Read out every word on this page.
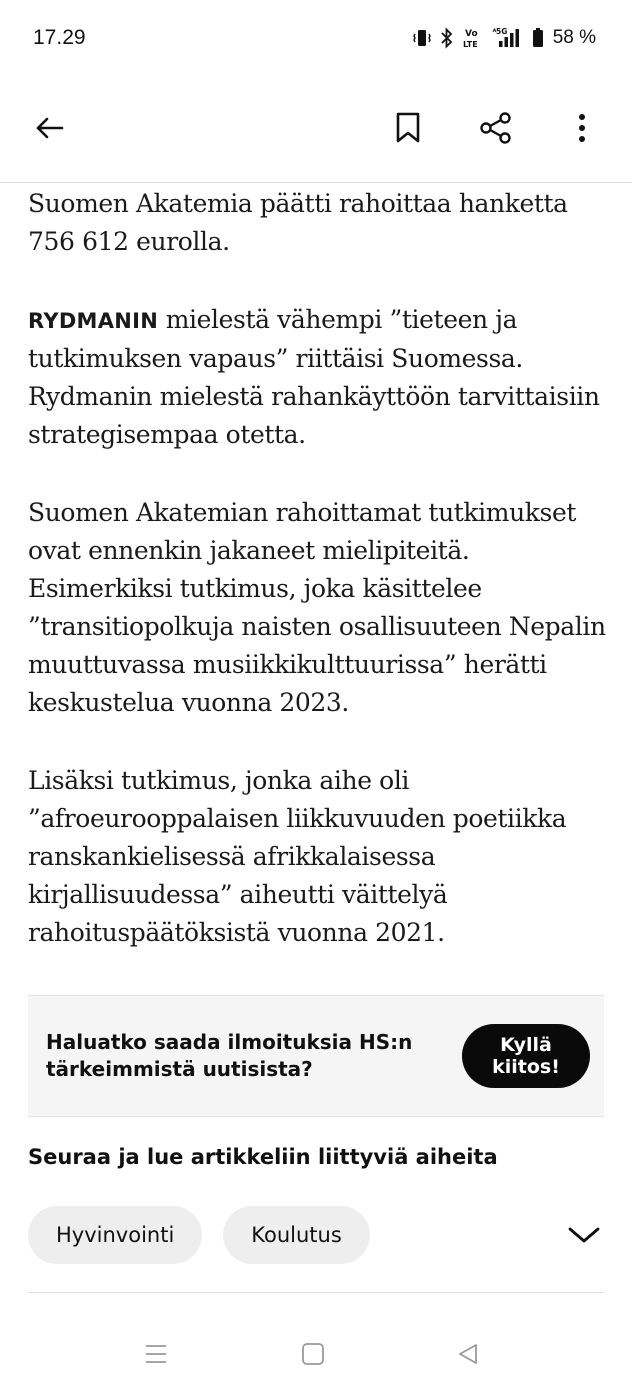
17.29	Vo
LTE
5G 58 %

Suomen Akatemia päätti rahoittaa hanketta 756 612 eurolla.

RYDMANIN mielestä vähempi ”tieteen ja tutkimuksen vapaus” riittäisi Suomessa. Rydmanin mielestä rahankäyttöön tarvittaisiin strategisempaa otetta.

Suomen Akatemian rahoittamat tutkimukset ovat ennenkin jakaneet mielipiteitä. Esimerkiksi tutkimus, joka käsittelee ”transitiopolkuja naisten osallisuuteen Nepalin muuttuvassa musiikkikulttuurissa” herätti keskustelua vuonna 2023.

Lisäksi tutkimus, jonka aihe oli ”afroeurooppalaisen liikkuvuuden poetiikka ranskankielisessä afrikkalaisessa kirjallisuudessa” aiheutti väittelyä rahoituspäätöksistä vuonna 2021.

Haluatko saada ilmoituksia HS:n tärkeimmistä uutisista?
Kyllä
kiitos!
Seuraa ja lue artikkeliin liittyviä aiheita
Hyvinvointi	Koulutus
